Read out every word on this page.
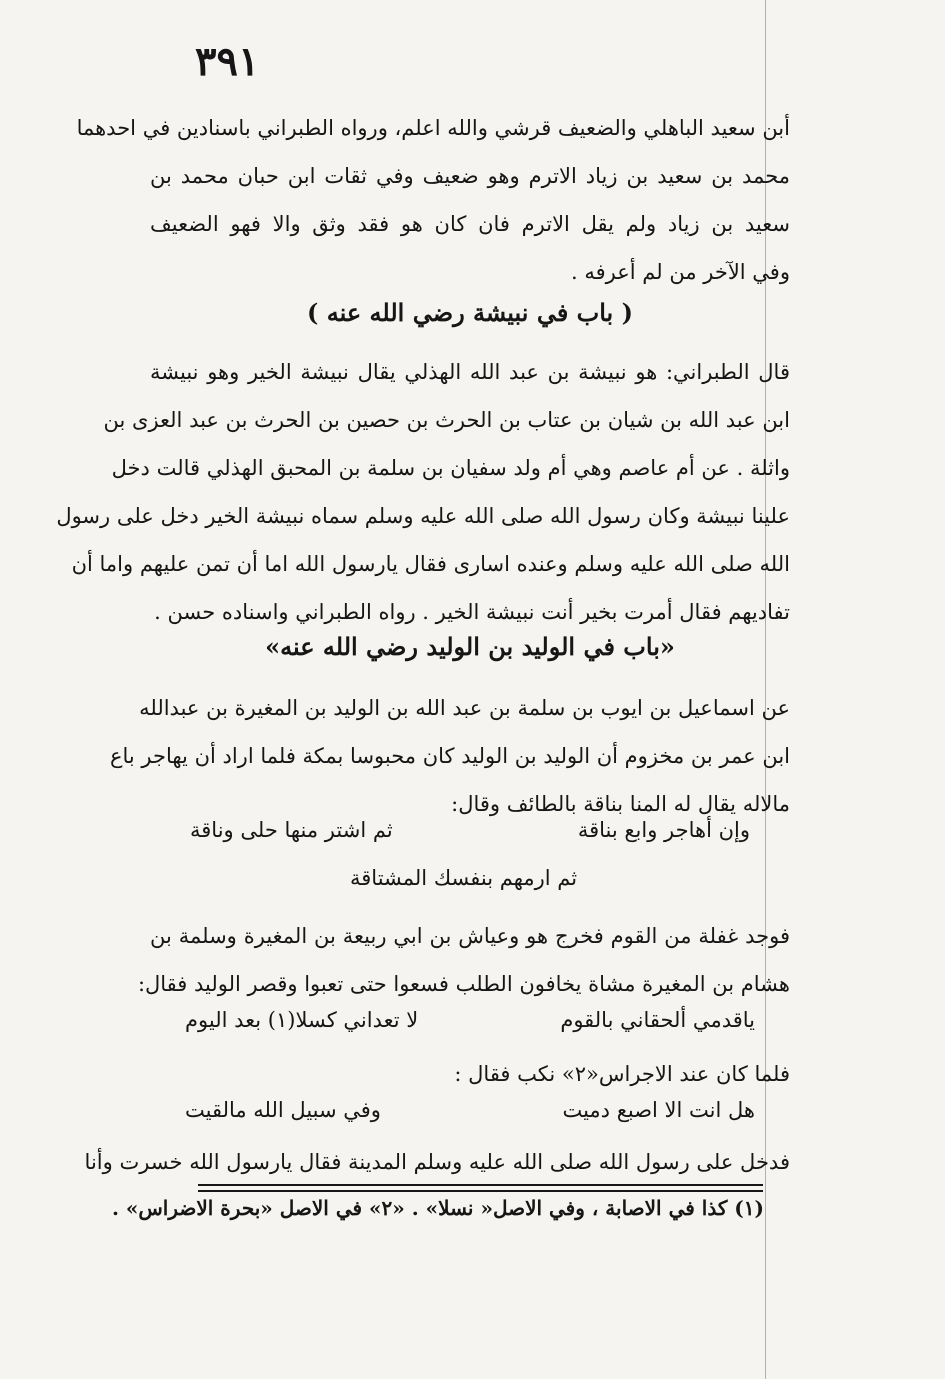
٣٩١
أبن سعيد الباهلي والضعيف قرشي والله اعلم، ورواه الطبراني باسنادين في احدهما
محمد بن سعيد بن زياد الاترم وهو ضعيف وفي ثقات ابن حبان محمد بن
سعيد بن زياد ولم يقل الاترم فان كان هو فقد وثق والا فهو الضعيف
وفي الآخر من لم أعرفه .
( باب في نبيشة رضي الله عنه )
قال الطبراني: هو نبيشة بن عبد الله الهذلي يقال نبيشة الخير وهو نبيشة
ابن عبد الله بن شيان بن عتاب بن الحرث بن حصين بن الحرث بن عبد العزى بن
واثلة . عن أم عاصم وهي أم ولد سفيان بن سلمة بن المحبق الهذلي قالت دخل
علينا نبيشة وكان رسول الله صلى الله عليه وسلم سماه نبيشة الخير دخل على رسول
الله صلى الله عليه وسلم وعنده اسارى فقال يارسول الله اما أن تمن عليهم واما أن
تفاديهم فقال أمرت بخير أنت نبيشة الخير . رواه الطبراني واسناده حسن .
«باب في الوليد بن الوليد رضي الله عنه»
عن اسماعيل بن ايوب بن سلمة بن عبد الله بن الوليد بن المغيرة بن عبدالله
ابن عمر بن مخزوم أن الوليد بن الوليد كان محبوسا بمكة فلما اراد أن يهاجر باع
مالاله يقال له المنا بناقة بالطائف وقال:
وإن أهاجر وابع بناقة
ثم اشتر منها حلى وناقة
ثم ارمهم بنفسك المشتاقة
فوجد غفلة من القوم فخرج هو وعياش بن ابي ربيعة بن المغيرة وسلمة بن
هشام بن المغيرة مشاة يخافون الطلب فسعوا حتى تعبوا وقصر الوليد فقال:
ياقدمي ألحقاني بالقوم
لا تعداني كسلا(١) بعد اليوم
فلما كان عند الاجراس«٢» نكب فقال :
هل انت الا اصبع دميت
وفي سبيل الله مالقيت
فدخل على رسول الله صلى الله عليه وسلم المدينة فقال يارسول الله خسرت وأنا
(١) كذا في الاصابة ، وفي الاصل« نسلا» . «٢» في الاصل «بحرة الاضراس» .
